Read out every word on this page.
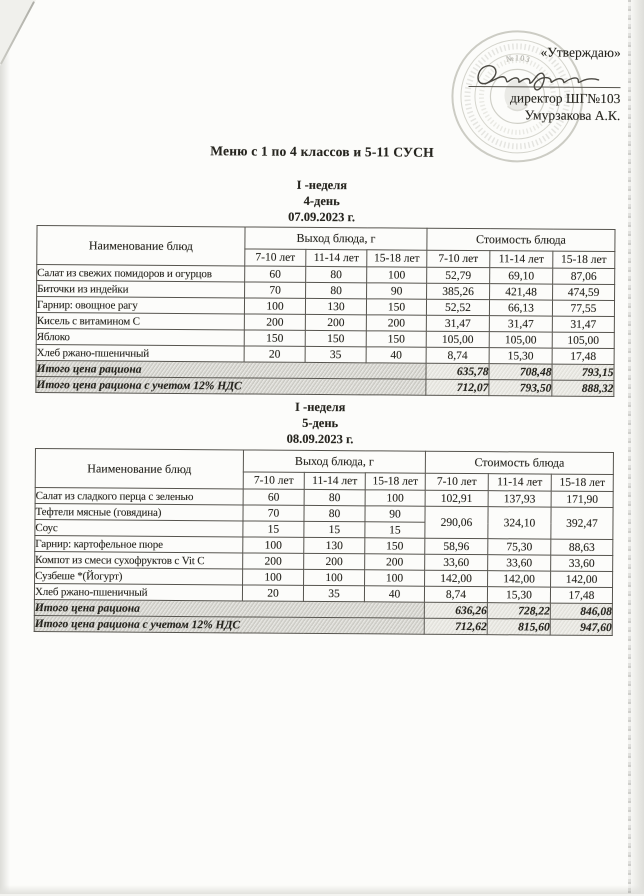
№103 «Утверждаю»
директор ШГ№103
Умурзакова А.К.
Меню с 1 по 4 классов и 5-11 СУСН
I -неделя
4-день
07.09.2023 г.
Наименование блюд	Выход блюда, г			Стоимость блюда		
	7-10 лет	11-14 лет	15-18 лет	7-10 лет	11-14 лет	15-18 лет
Салат из свежих помидоров и огурцов	60	80	100	52,79	69,10	87,06
Биточки из индейки	70	80	90	385,26	421,48	474,59
Гарнир: овощное рагу	100	130	150	52,52	66,13	77,55
Кисель с витамином С	200	200	200	31,47	31,47	31,47
Яблоко	150	150	150	105,00	105,00	105,00
Хлеб ржано-пшеничный	20	35	40	8,74	15,30	17,48
Итого цена рациона				635,78	708,48	793,15
Итого цена рациона с учетом 12% НДС				712,07	793,50	888,32
I -неделя
5-день
08.09.2023 г.
Наименование блюд	Выход блюда, г			Стоимость блюда		
	7-10 лет	11-14 лет	15-18 лет	7-10 лет	11-14 лет	15-18 лет
Салат из сладкого перца с зеленью	60	80	100	102,91	137,93	171,90
Тефтели мясные (говядина)	70	80	90	290,06	324,10	392,47
Соус	15	15	15			
Гарнир: картофельное пюре	100	130	150	58,96	75,30	88,63
Компот из смеси сухофруктов с Vit C	200	200	200	33,60	33,60	33,60
Сузбеше *(Йогурт)	100	100	100	142,00	142,00	142,00
Хлеб ржано-пшеничный	20	35	40	8,74	15,30	17,48
Итого цена рациона				636,26	728,22	846,08
Итого цена рациона с учетом 12% НДС				712,62	815,60	947,60
